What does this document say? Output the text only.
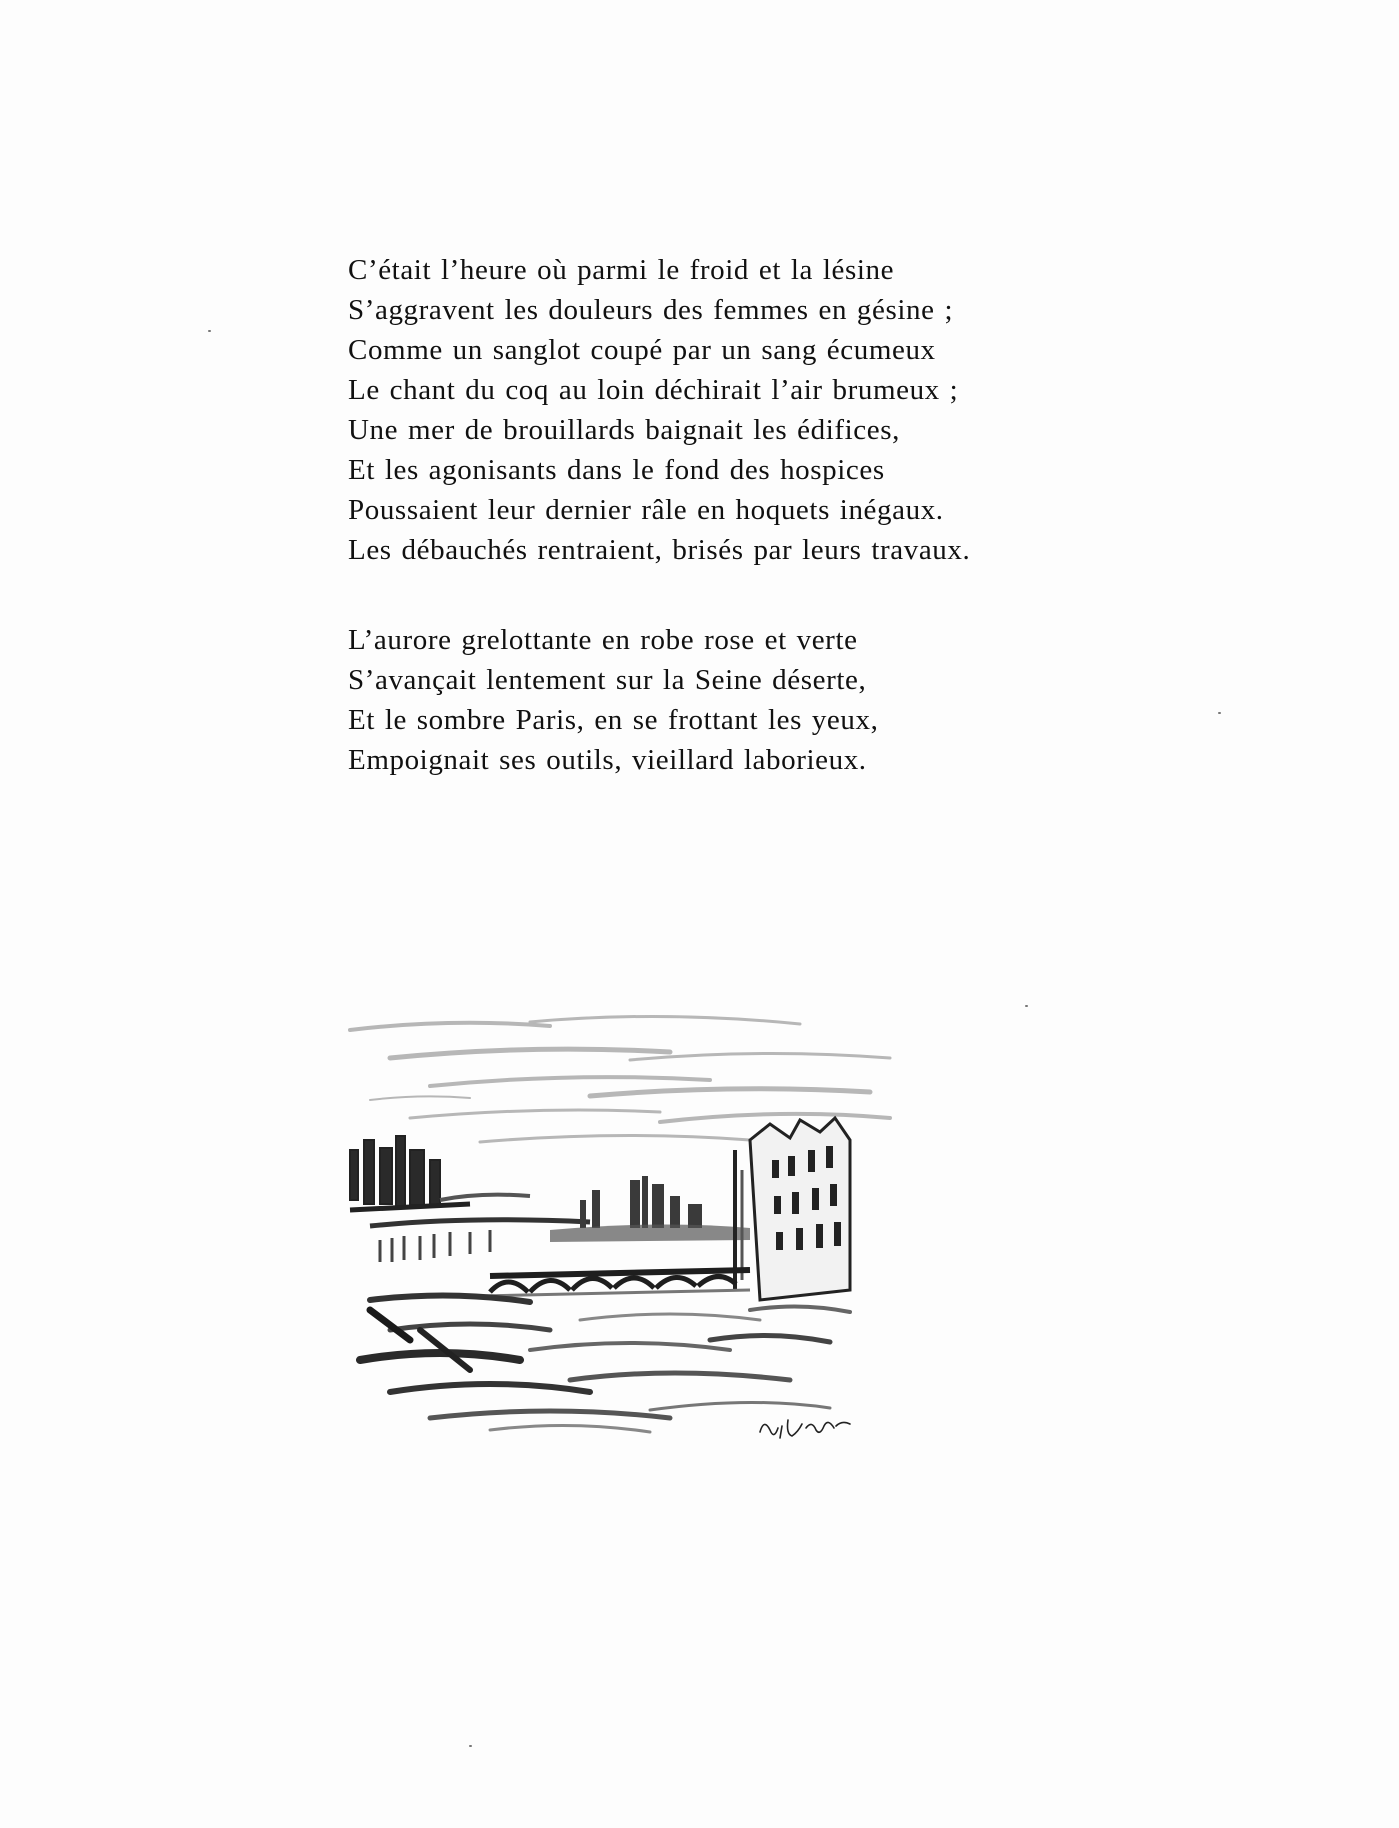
C’était l’heure où parmi le froid et la lésine
S’aggravent les douleurs des femmes en gésine ;
Comme un sanglot coupé par un sang écumeux
Le chant du coq au loin déchirait l’air brumeux ;
Une mer de brouillards baignait les édifices,
Et les agonisants dans le fond des hospices
Poussaient leur dernier râle en hoquets inégaux.
Les débauchés rentraient, brisés par leurs travaux.
L’aurore grelottante en robe rose et verte
S’avançait lentement sur la Seine déserte,
Et le sombre Paris, en se frottant les yeux,
Empoignait ses outils, vieillard laborieux.
